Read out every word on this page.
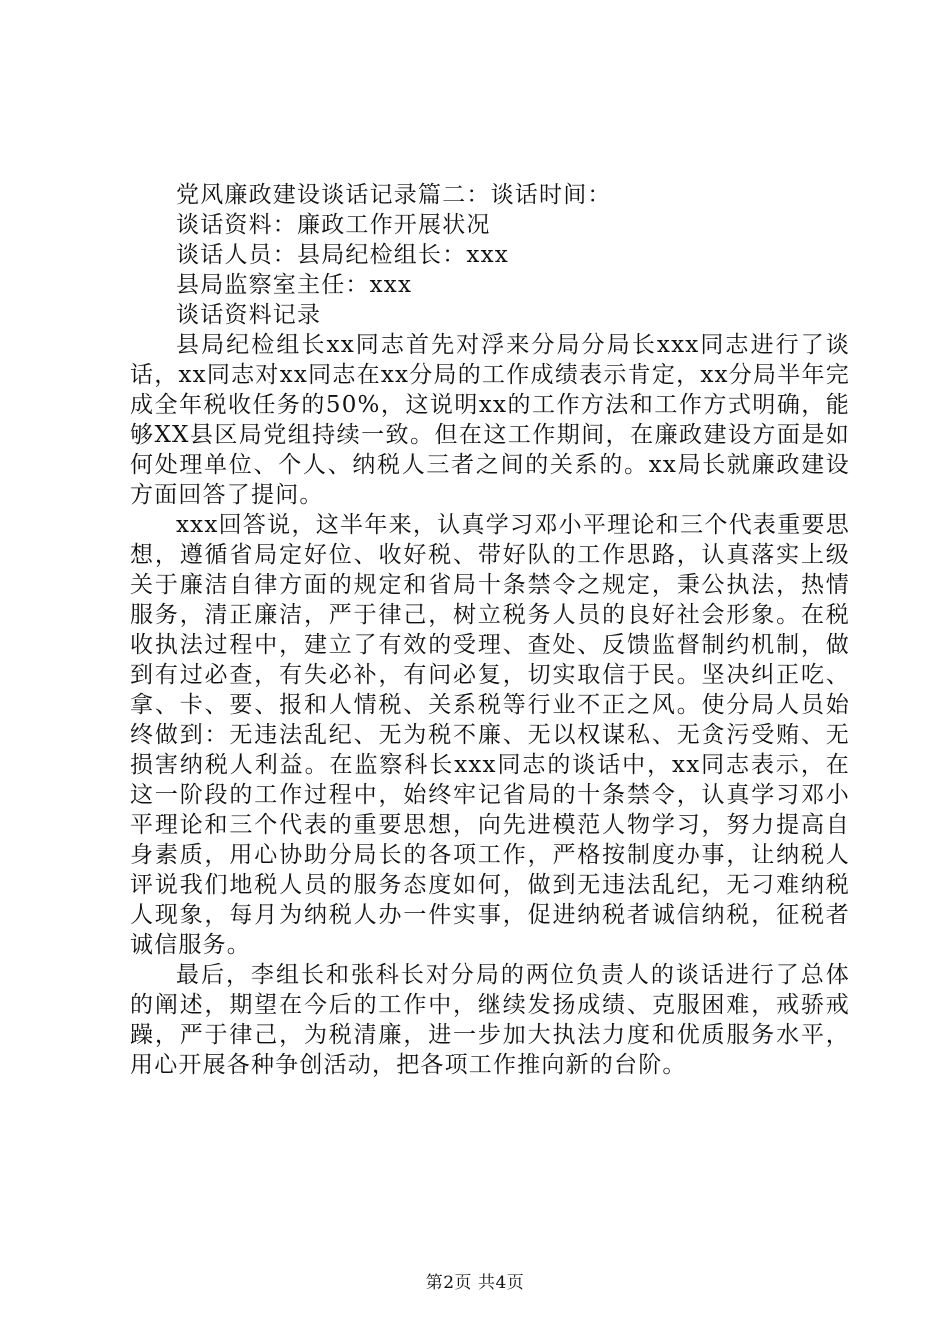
党风廉政建设谈话记录篇二：谈话时间：

谈话资料：廉政工作开展状况

谈话人员：县局纪检组长：xxx

县局监察室主任：xxx

谈话资料记录

县局纪检组长xx同志首先对浮来分局分局长xxx同志进行了谈话，xx同志对xx同志在xx分局的工作成绩表示肯定，xx分局半年完成全年税收任务的50%，这说明xx的工作方法和工作方式明确，能够XX县区局党组持续一致。但在这工作期间，在廉政建设方面是如何处理单位、个人、纳税人三者之间的关系的。xx局长就廉政建设方面回答了提问。

xxx回答说，这半年来，认真学习邓小平理论和三个代表重要思想，遵循省局定好位、收好税、带好队的工作思路，认真落实上级关于廉洁自律方面的规定和省局十条禁令之规定，秉公执法，热情服务，清正廉洁，严于律己，树立税务人员的良好社会形象。在税收执法过程中，建立了有效的受理、查处、反馈监督制约机制，做到有过必查，有失必补，有问必复，切实取信于民。坚决纠正吃、拿、卡、要、报和人情税、关系税等行业不正之风。使分局人员始终做到：无违法乱纪、无为税不廉、无以权谋私、无贪污受贿、无损害纳税人利益。在监察科长xxx同志的谈话中，xx同志表示，在这一阶段的工作过程中，始终牢记省局的十条禁令，认真学习邓小平理论和三个代表的重要思想，向先进模范人物学习，努力提高自身素质，用心协助分局长的各项工作，严格按制度办事，让纳税人评说我们地税人员的服务态度如何，做到无违法乱纪，无刁难纳税人现象，每月为纳税人办一件实事，促进纳税者诚信纳税，征税者诚信服务。

最后，李组长和张科长对分局的两位负责人的谈话进行了总体的阐述，期望在今后的工作中，继续发扬成绩、克服困难，戒骄戒躁，严于律己，为税清廉，进一步加大执法力度和优质服务水平，用心开展各种争创活动，把各项工作推向新的台阶。

第2页 共4页
